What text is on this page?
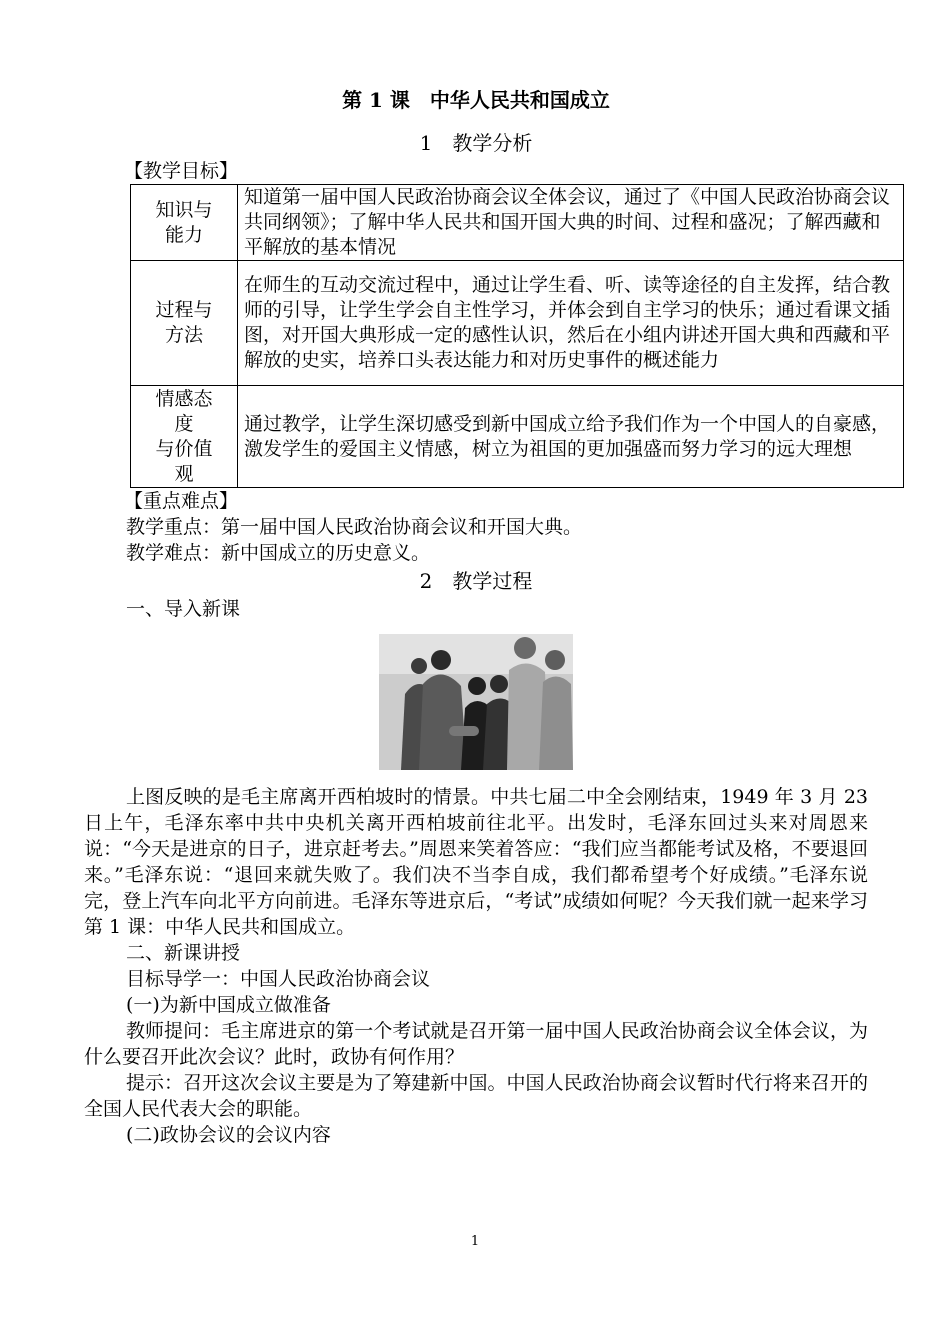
第 1 课　中华人民共和国成立
1　教学分析
【教学目标】
知识与
能力	知道第一届中国人民政治协商会议全体会议，通过了《中国人民政治协商会议共同纲领》；了解中华人民共和国开国大典的时间、过程和盛况；了解西藏和平解放的基本情况

过程与
方法	在师生的互动交流过程中，通过让学生看、听、读等途径的自主发挥，结合教师的引导，让学生学会自主性学习，并体会到自主学习的快乐；通过看课文插图，对开国大典形成一定的感性认识，然后在小组内讲述开国大典和西藏和平解放的史实，培养口头表达能力和对历史事件的概述能力

情感态
度
与价值
观	通过教学，让学生深切感受到新中国成立给予我们作为一个中国人的自豪感，激发学生的爱国主义情感，树立为祖国的更加强盛而努力学习的远大理想
【重点难点】
教学重点：第一届中国人民政治协商会议和开国大典。
教学难点：新中国成立的历史意义。
2　教学过程
一、导入新课
上图反映的是毛主席离开西柏坡时的情景。中共七届二中全会刚结束，1949 年 3 月 23 日上午，毛泽东率中共中央机关离开西柏坡前往北平。出发时，毛泽东回过头来对周恩来说：“今天是进京的日子，进京赶考去。”周恩来笑着答应：“我们应当都能考试及格，不要退回来。”毛泽东说：“退回来就失败了。我们决不当李自成，我们都希望考个好成绩。”毛泽东说完，登上汽车向北平方向前进。毛泽东等进京后，“考试”成绩如何呢？今天我们就一起来学习第 1 课：中华人民共和国成立。
二、新课讲授
目标导学一：中国人民政治协商会议
(一)为新中国成立做准备
教师提问：毛主席进京的第一个考试就是召开第一届中国人民政治协商会议全体会议，为什么要召开此次会议？此时，政协有何作用？
提示：召开这次会议主要是为了筹建新中国。中国人民政治协商会议暂时代行将来召开的全国人民代表大会的职能。
(二)政协会议的会议内容
1
